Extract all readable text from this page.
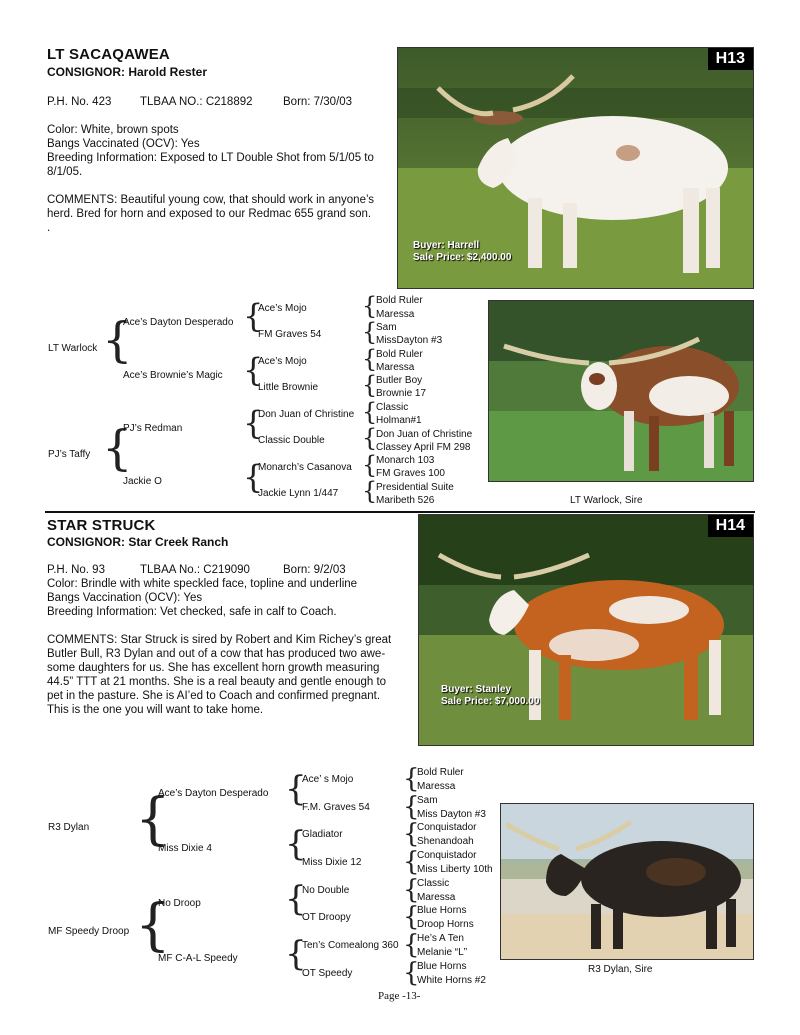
LT SACAQAWEA
CONSIGNOR: Harold Rester
P.H. No. 423 TLBAA NO.: C218892	Born: 7/30/03
Color: White, brown spots
Bangs Vaccinated (OCV): Yes
Breeding Information: Exposed to LT Double Shot from 5/1/05 to
8/1/05.
COMMENTS: Beautiful young cow, that should work in anyone’s
herd. Bred for horn and exposed to our Redmac 655 grand son.
.
H13
Buyer: Harrell
Sale Price: $2,400.00
LT Warlock
PJ’s Taffy
{
{
Ace’s Dayton Desperado
Ace’s Brownie’s Magic
PJ’s Redman
Jackie O
{
{
{
{
Ace’s Mojo
FM Graves 54
Ace’s Mojo
Little Brownie
Don Juan of Christine
Classic Double
Monarch’s Casanova
Jackie Lynn 1/447
{
{
{
{
{
{
{
{
Bold Ruler
Maressa
Sam
MissDayton #3
Bold Ruler
Maressa
Butler Boy
Brownie 17
Classic
Holman#1
Don Juan of Christine
Classey April FM 298
Monarch 103
FM Graves 100
Presidential Suite
Maribeth 526	LT Warlock, Sire
STAR STRUCK
CONSIGNOR: Star Creek Ranch
P.H. No. 93	TLBAA No.: C219090	Born: 9/2/03
Color: Brindle with white speckled face, topline and underline
Bangs Vaccination (OCV): Yes
Breeding Information: Vet checked, safe in calf to Coach.
COMMENTS: Star Struck is sired by Robert and Kim Richey’s great
Butler Bull, R3 Dylan and out of a cow that has produced two awe-
some daughters for us. She has excellent horn growth measuring
44.5” TTT at 21 months. She is a real beauty and gentle enough to
pet in the pasture. She is AI’ed to Coach and confirmed pregnant.
This is the one you will want to take home.
H14
Buyer: Stanley
Sale Price: $7,000.00
R3 Dylan
MF Speedy Droop
{
{
Ace’s Dayton Desperado
Miss Dixie 4
No Droop
MF C-A-L Speedy
{
{
{
{
Ace’ s Mojo
F.M. Graves 54
Gladiator
Miss Dixie 12
No Double
OT Droopy
Ten’s Comealong 360
OT Speedy
{
{
{
{
{
{
{
{
Bold Ruler
Maressa
Sam
Miss Dayton #3
Conquistador
Shenandoah
Conquistador
Miss Liberty 10th
Classic
Maressa
Blue Horns
Droop Horns
He’s A Ten
Melanie “L”
Blue Horns
White Horns #2
R3 Dylan, Sire
Page -13-
